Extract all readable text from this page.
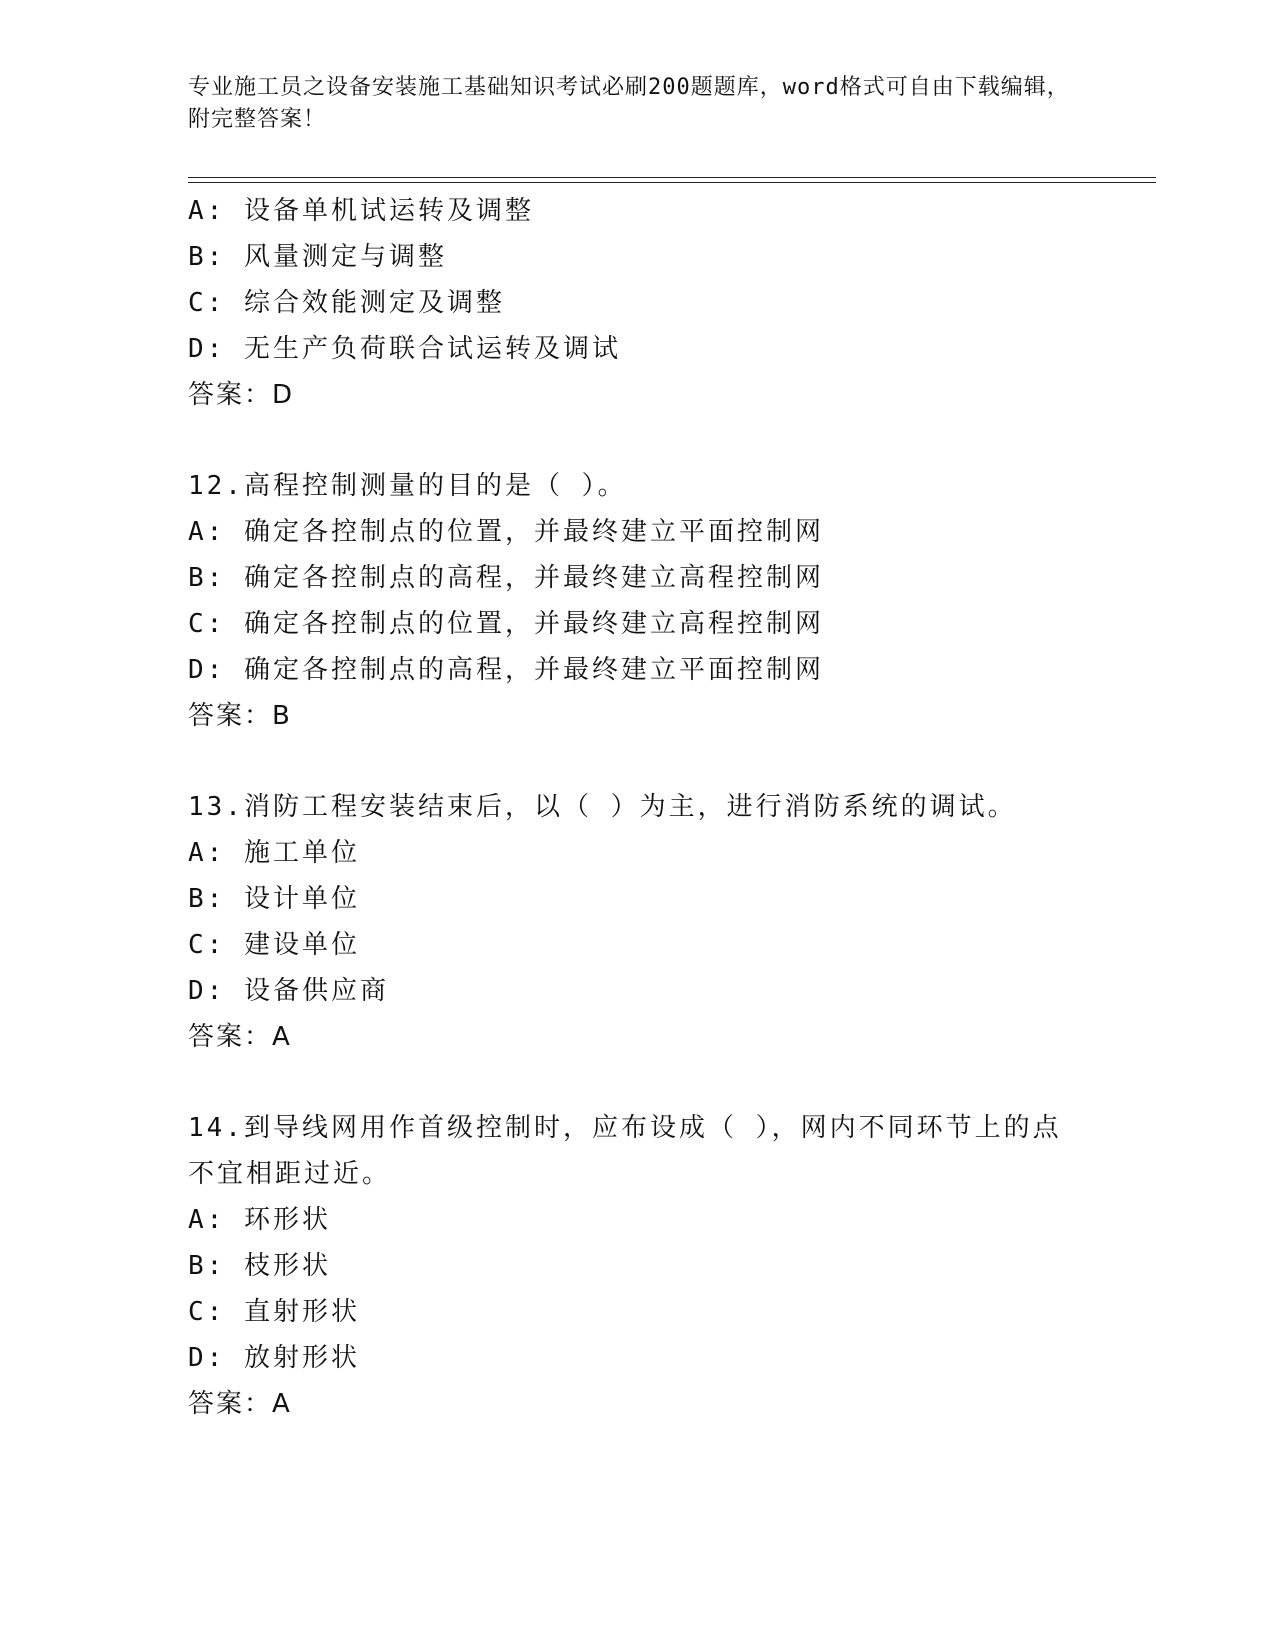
专业施工员之设备安装施工基础知识考试必刷200题题库，word格式可自由下载编辑，附完整答案！
A: 设备单机试运转及调整
B: 风量测定与调整
C: 综合效能测定及调整
D: 无生产负荷联合试运转及调试
答案：D
12.高程控制测量的目的是（ ）。
A: 确定各控制点的位置，并最终建立平面控制网
B: 确定各控制点的高程，并最终建立高程控制网
C: 确定各控制点的位置，并最终建立高程控制网
D: 确定各控制点的高程，并最终建立平面控制网
答案：B
13.消防工程安装结束后，以（ ）为主，进行消防系统的调试。
A: 施工单位
B: 设计单位
C: 建设单位
D: 设备供应商
答案：A
14.到导线网用作首级控制时，应布设成（ ），网内不同环节上的点不宜相距过近。
A: 环形状
B: 枝形状
C: 直射形状
D: 放射形状
答案：A
